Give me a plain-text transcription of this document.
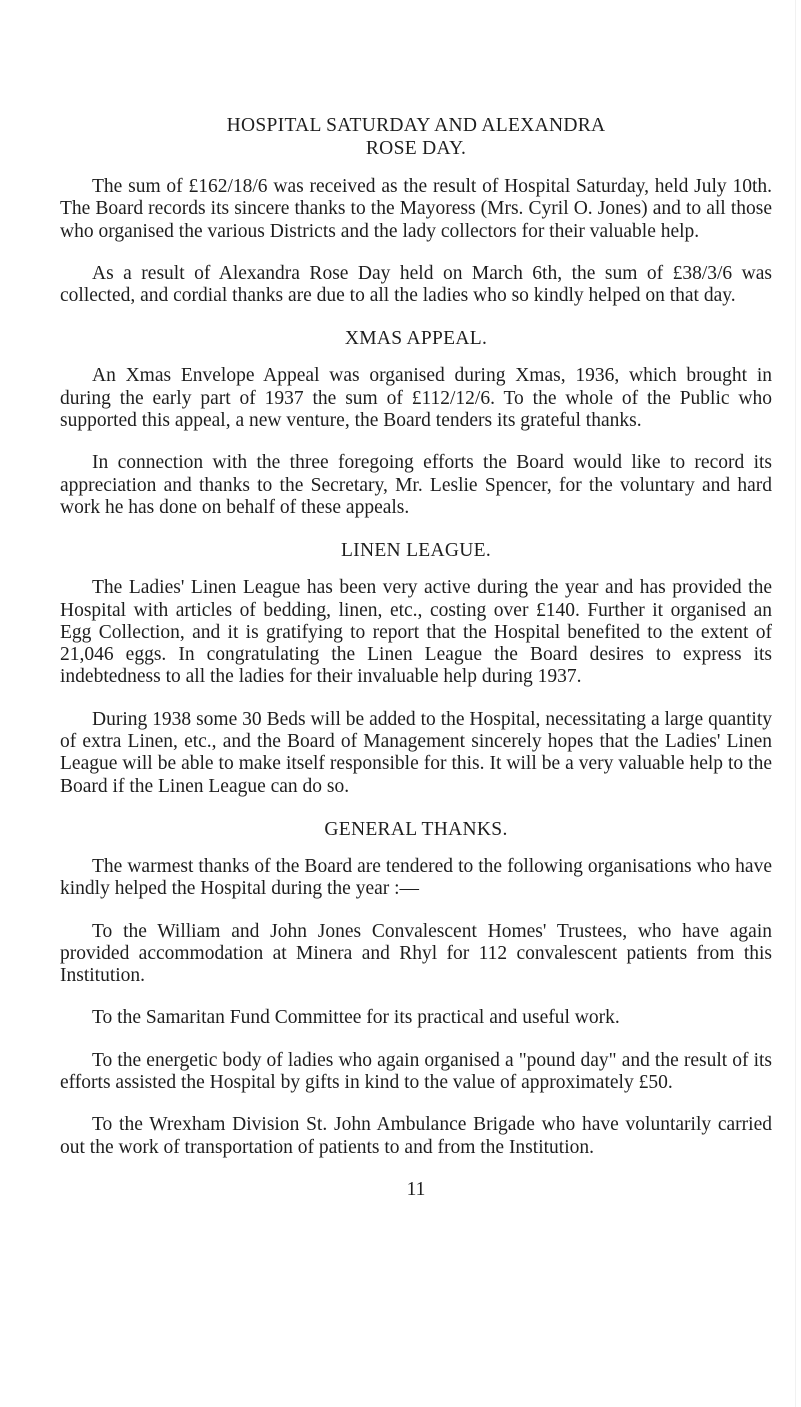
HOSPITAL SATURDAY AND ALEXANDRA
ROSE DAY.

The sum of £162/18/6 was received as the result of Hospital Saturday, held July 10th. The Board records its sincere thanks to the Mayoress (Mrs. Cyril O. Jones) and to all those who organised the various Districts and the lady collectors for their valuable help.

As a result of Alexandra Rose Day held on March 6th, the sum of £38/3/6 was collected, and cordial thanks are due to all the ladies who so kindly helped on that day.

XMAS APPEAL.

An Xmas Envelope Appeal was organised during Xmas, 1936, which brought in during the early part of 1937 the sum of £112/12/6. To the whole of the Public who supported this appeal, a new venture, the Board tenders its grateful thanks.

In connection with the three foregoing efforts the Board would like to record its appreciation and thanks to the Secretary, Mr. Leslie Spencer, for the voluntary and hard work he has done on behalf of these appeals.

LINEN LEAGUE.

The Ladies' Linen League has been very active during the year and has provided the Hospital with articles of bedding, linen, etc., costing over £140. Further it organised an Egg Collection, and it is gratifying to report that the Hospital benefited to the extent of 21,046 eggs. In congratulating the Linen League the Board desires to express its indebtedness to all the ladies for their invaluable help during 1937.

During 1938 some 30 Beds will be added to the Hospital, necessitating a large quantity of extra Linen, etc., and the Board of Management sincerely hopes that the Ladies' Linen League will be able to make itself responsible for this. It will be a very valuable help to the Board if the Linen League can do so.

GENERAL THANKS.

The warmest thanks of the Board are tendered to the following organisations who have kindly helped the Hospital during the year :—

To the William and John Jones Convalescent Homes' Trustees, who have again provided accommodation at Minera and Rhyl for 112 convalescent patients from this Institution.

To the Samaritan Fund Committee for its practical and useful work.

To the energetic body of ladies who again organised a "pound day" and the result of its efforts assisted the Hospital by gifts in kind to the value of approximately £50.

To the Wrexham Division St. John Ambulance Brigade who have voluntarily carried out the work of transportation of patients to and from the Institution.

11
